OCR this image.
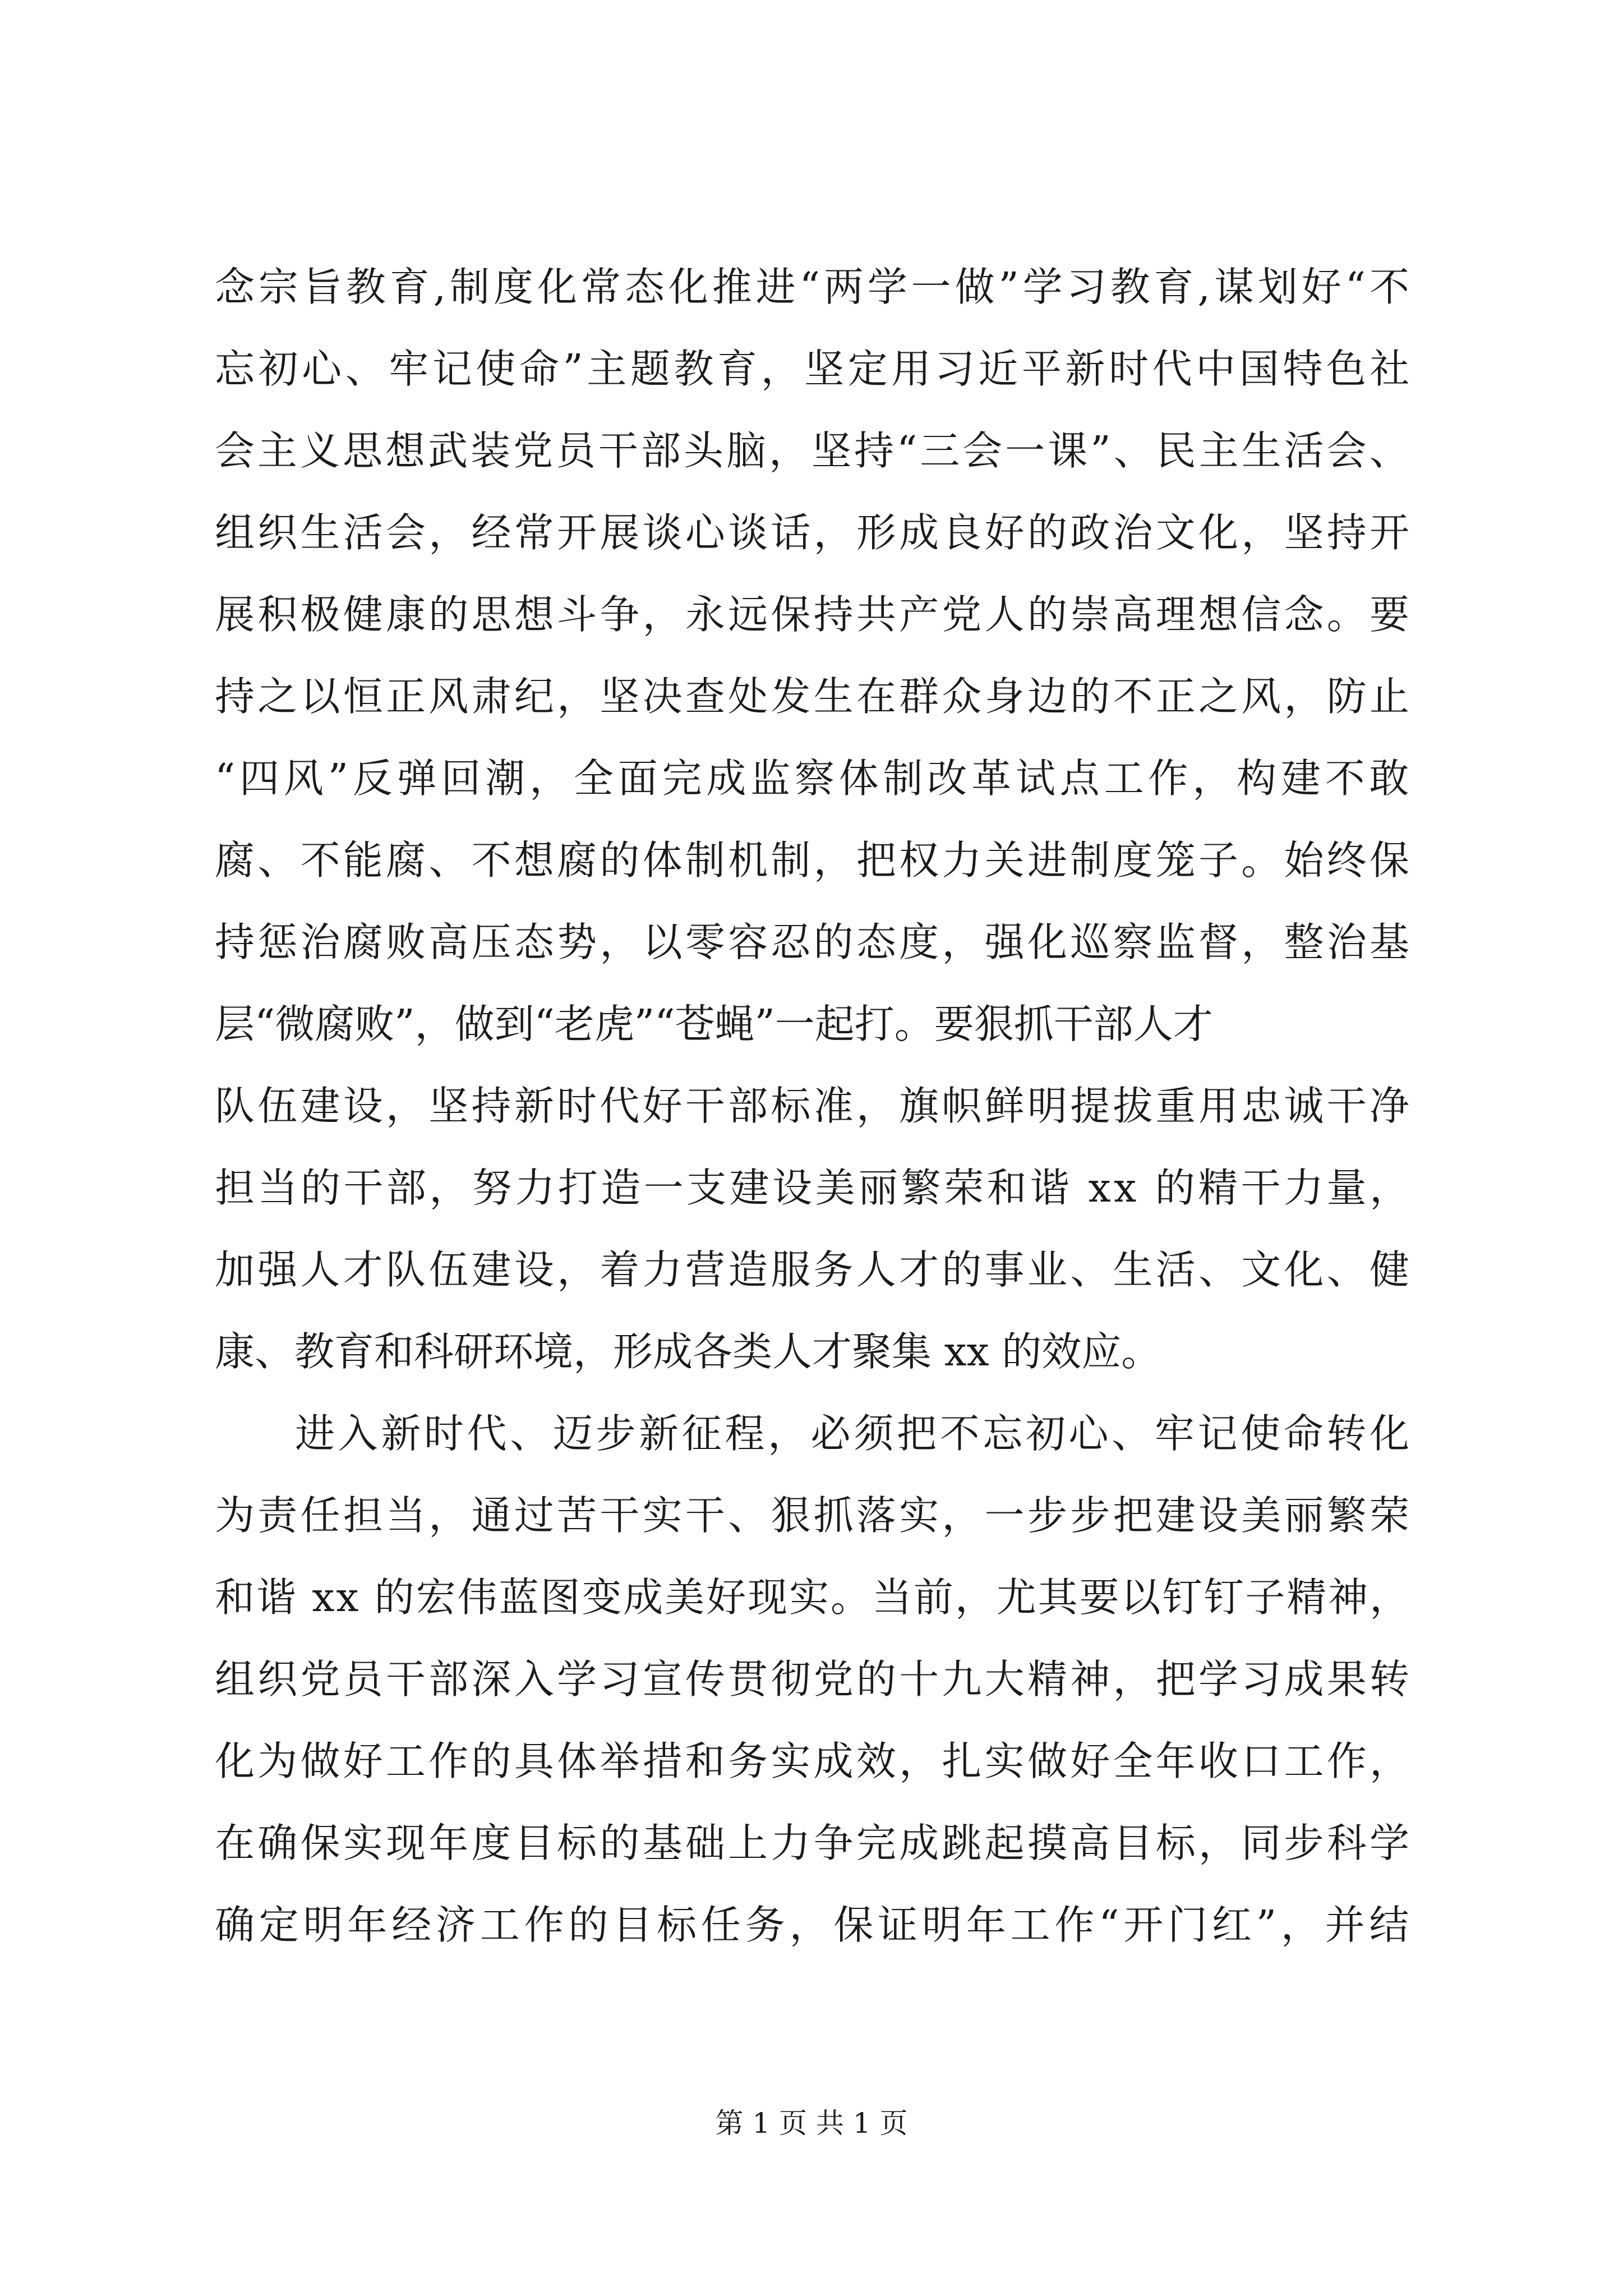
念宗旨教育,制度化常态化推进“两学一做”学习教育,谋划好“不
忘初心、牢记使命”主题教育，坚定用习近平新时代中国特色社
会主义思想武装党员干部头脑，坚持“三会一课”、民主生活会、
组织生活会，经常开展谈心谈话，形成良好的政治文化，坚持开
展积极健康的思想斗争，永远保持共产党人的崇高理想信念。要
持之以恒正风肃纪，坚决查处发生在群众身边的不正之风，防止
“四风”反弹回潮，全面完成监察体制改革试点工作，构建不敢
腐、不能腐、不想腐的体制机制，把权力关进制度笼子。始终保
持惩治腐败高压态势，以零容忍的态度，强化巡察监督，整治基
层“微腐败”，做到“老虎”“苍蝇”一起打。要狠抓干部人才
队伍建设，坚持新时代好干部标准，旗帜鲜明提拔重用忠诚干净
担当的干部，努力打造一支建设美丽繁荣和谐 xx 的精干力量，
加强人才队伍建设，着力营造服务人才的事业、生活、文化、健
康、教育和科研环境，形成各类人才聚集 xx 的效应。
进入新时代、迈步新征程，必须把不忘初心、牢记使命转化
为责任担当，通过苦干实干、狠抓落实，一步步把建设美丽繁荣
和谐 xx 的宏伟蓝图变成美好现实。当前，尤其要以钉钉子精神，
组织党员干部深入学习宣传贯彻党的十九大精神，把学习成果转
化为做好工作的具体举措和务实成效，扎实做好全年收口工作，
在确保实现年度目标的基础上力争完成跳起摸高目标，同步科学
确定明年经济工作的目标任务，保证明年工作“开门红”，并结
第 1 页 共 1 页
